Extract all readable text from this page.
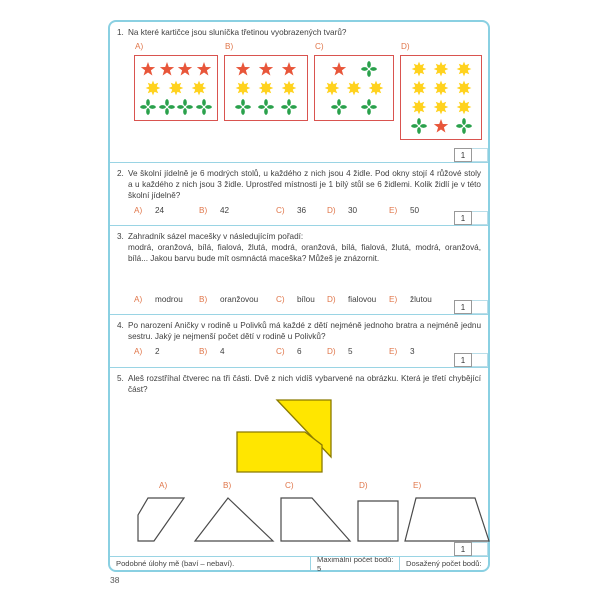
1. Na které kartičce jsou sluníčka třetinou vyobrazených tvarů?
A)	B)	C)	D)
1
2. Ve školní jídelně je 6 modrých stolů, u každého z nich jsou 4 židle. Pod okny stojí 4 růžové stoly a u každého z nich jsou 3 židle. Uprostřed místnosti je 1 bílý stůl se 6 židlemi. Kolik židlí je v této školní jídelně?
A)	24	B)	42	C)	36	D)	30	E)	50
1
3. Zahradník sázel macešky v následujícím pořadí:
modrá, oranžová, bílá, fialová, žlutá, modrá, oranžová, bílá, fialová, žlutá, modrá, oranžová, bílá... Jakou barvu bude mít osmnáctá maceška? Můžeš je znázornit.
A)	modrou B)	oranžovou C)	bílou D)	fialovou E)	žlutou
1
4. Po narození Aničky v rodině u Polivků má každé z dětí nejméně jednoho bratra a nejméně jednu sestru. Jaký je nejmenší počet dětí v rodině u Polivků?
A)	2	B)	4	C)	6	D)	5	E)	3
1
5. Aleš rozstříhal čtverec na tři části. Dvě z nich vidíš vybarvené na obrázku. Která je třetí chybějící část?
A)	B)	C)	D)	E)
1
Podobné úlohy mě (baví – nebaví).	Maximální počet bodů: 5	Dosažený počet bodů:
38
